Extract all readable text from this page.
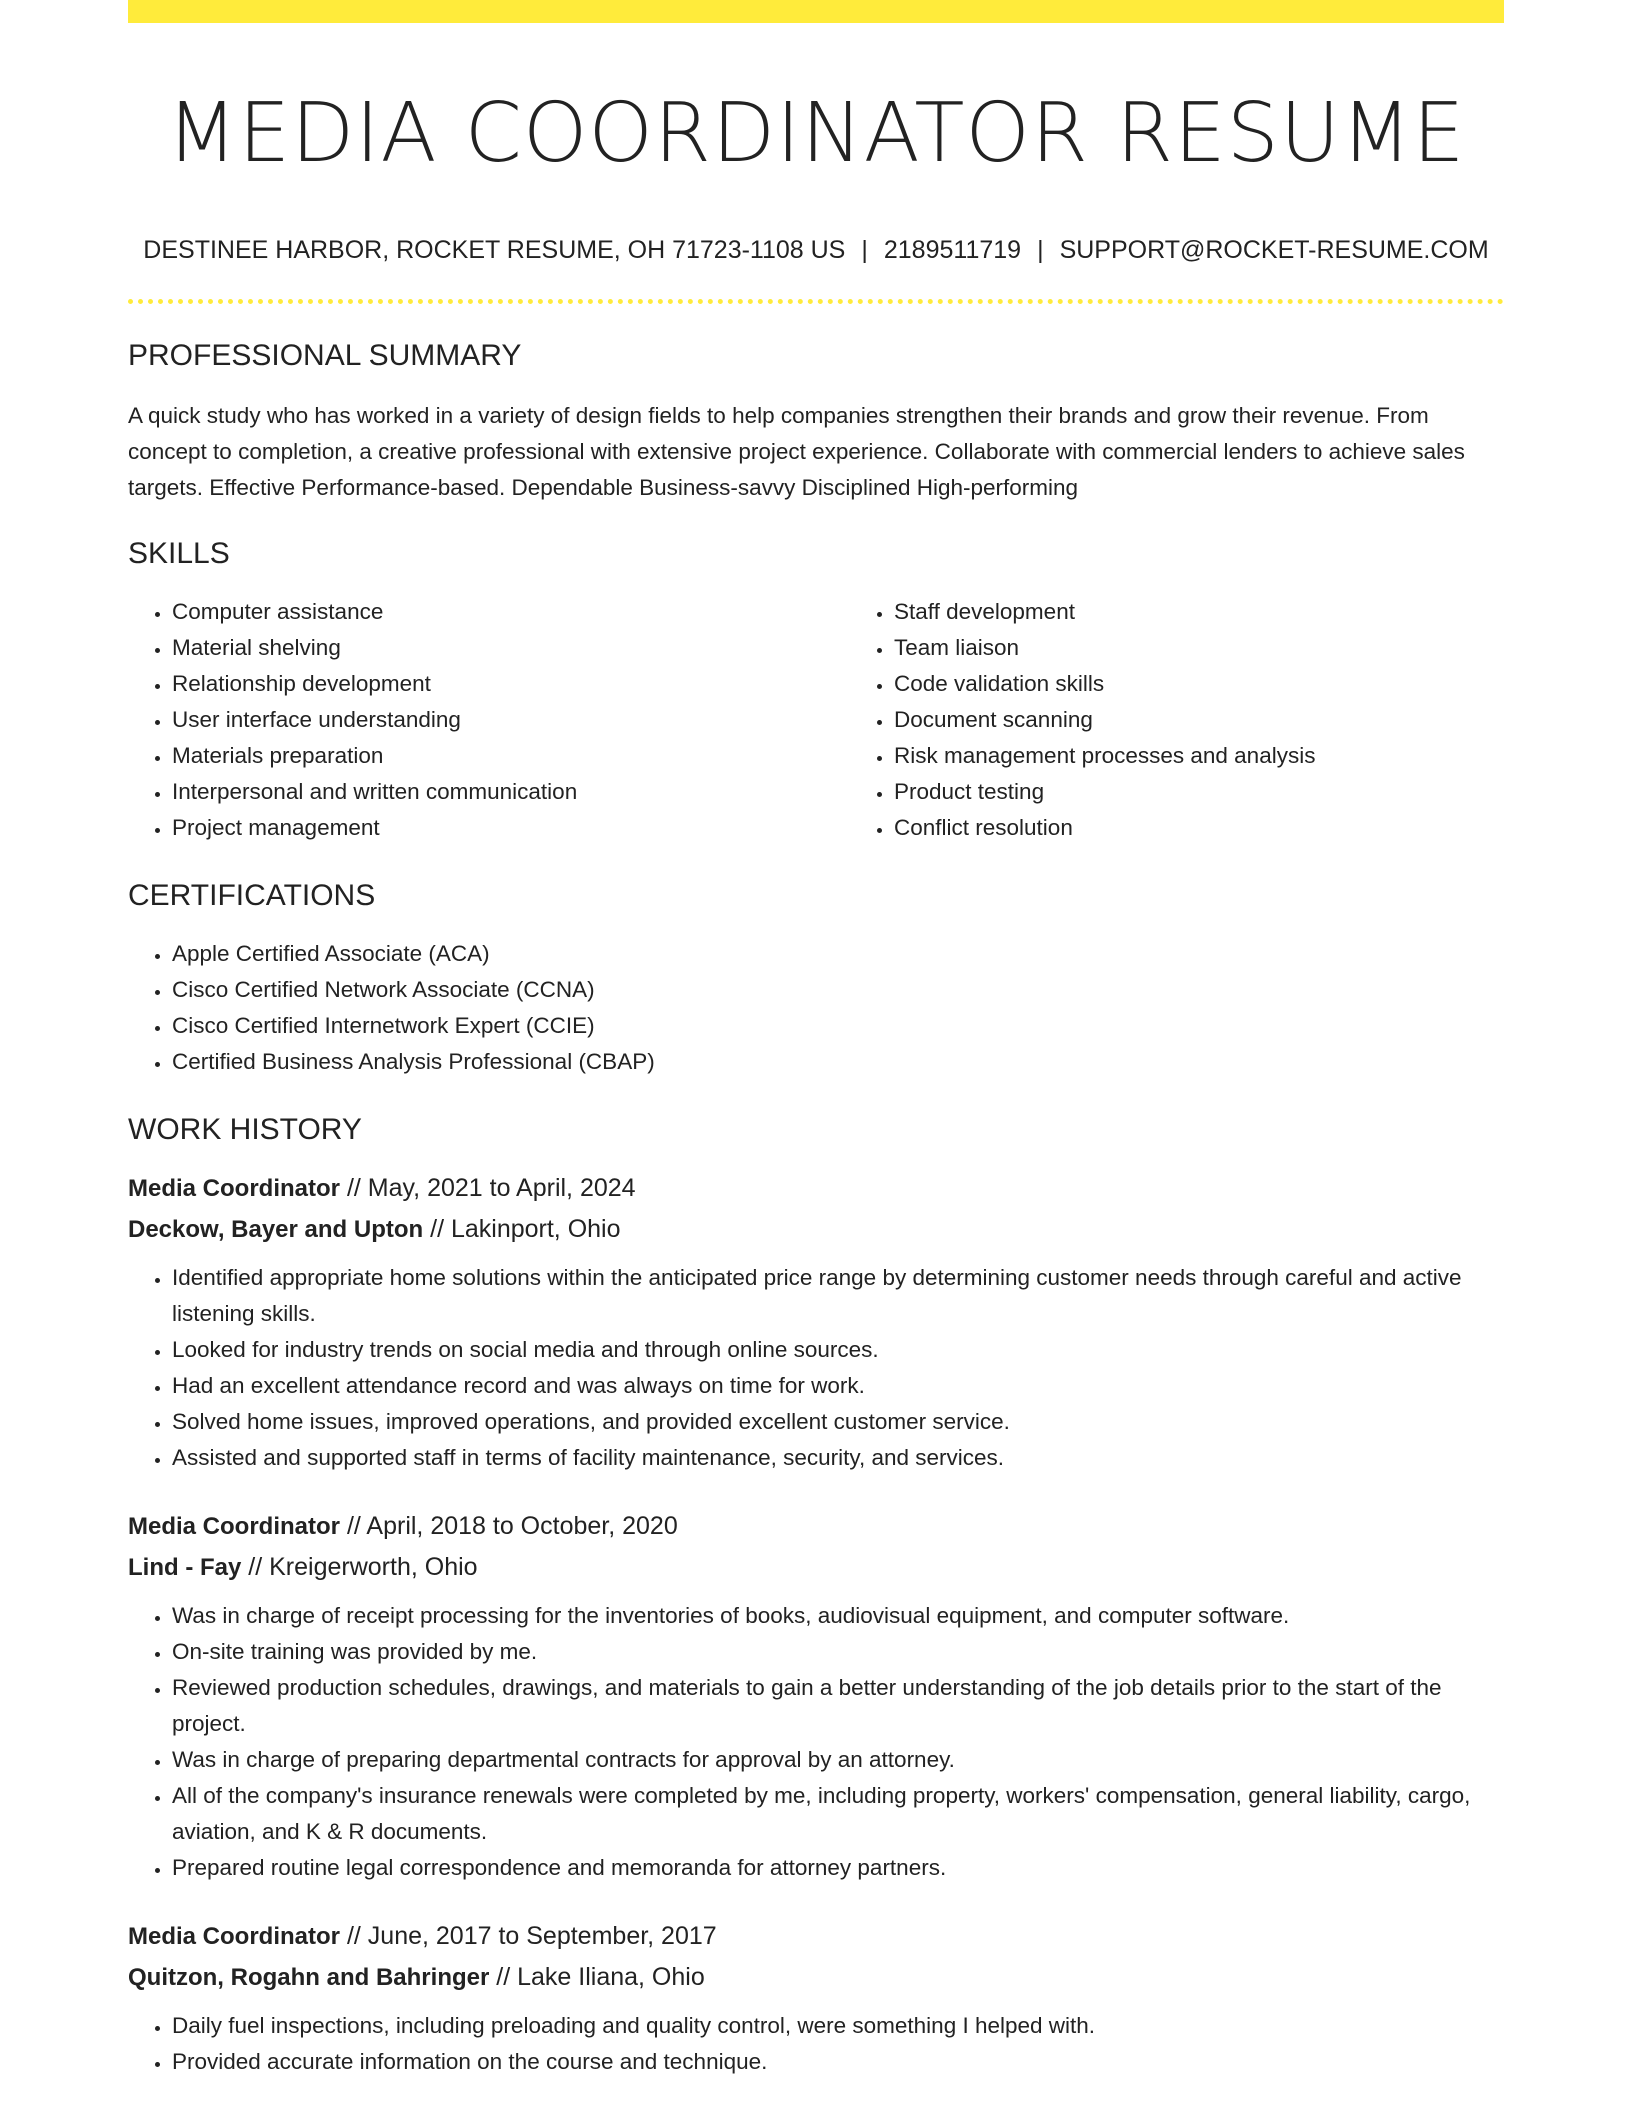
MEDIA COORDINATOR RESUME
DESTINEE HARBOR, ROCKET RESUME, OH 71723-1108 US | 2189511719 | SUPPORT@ROCKET-RESUME.COM
PROFESSIONAL SUMMARY
A quick study who has worked in a variety of design fields to help companies strengthen their brands and grow their revenue. From concept to completion, a creative professional with extensive project experience. Collaborate with commercial lenders to achieve sales targets. Effective Performance-based. Dependable Business-savvy Disciplined High-performing
SKILLS
• Computer assistance
• Material shelving
• Relationship development
• User interface understanding
• Materials preparation
• Interpersonal and written communication
• Project management
• Staff development
• Team liaison
• Code validation skills
• Document scanning
• Risk management processes and analysis
• Product testing
• Conflict resolution
CERTIFICATIONS
• Apple Certified Associate (ACA)
• Cisco Certified Network Associate (CCNA)
• Cisco Certified Internetwork Expert (CCIE)
• Certified Business Analysis Professional (CBAP)
WORK HISTORY
Media Coordinator // May, 2021 to April, 2024
Deckow, Bayer and Upton // Lakinport, Ohio
• Identified appropriate home solutions within the anticipated price range by determining customer needs through careful and active listening skills.
• Looked for industry trends on social media and through online sources.
• Had an excellent attendance record and was always on time for work.
• Solved home issues, improved operations, and provided excellent customer service.
• Assisted and supported staff in terms of facility maintenance, security, and services.
Media Coordinator // April, 2018 to October, 2020
Lind - Fay // Kreigerworth, Ohio
• Was in charge of receipt processing for the inventories of books, audiovisual equipment, and computer software.
• On-site training was provided by me.
• Reviewed production schedules, drawings, and materials to gain a better understanding of the job details prior to the start of the project.
• Was in charge of preparing departmental contracts for approval by an attorney.
• All of the company's insurance renewals were completed by me, including property, workers' compensation, general liability, cargo, aviation, and K & R documents.
• Prepared routine legal correspondence and memoranda for attorney partners.
Media Coordinator // June, 2017 to September, 2017
Quitzon, Rogahn and Bahringer // Lake Iliana, Ohio
• Daily fuel inspections, including preloading and quality control, were something I helped with.
• Provided accurate information on the course and technique.
